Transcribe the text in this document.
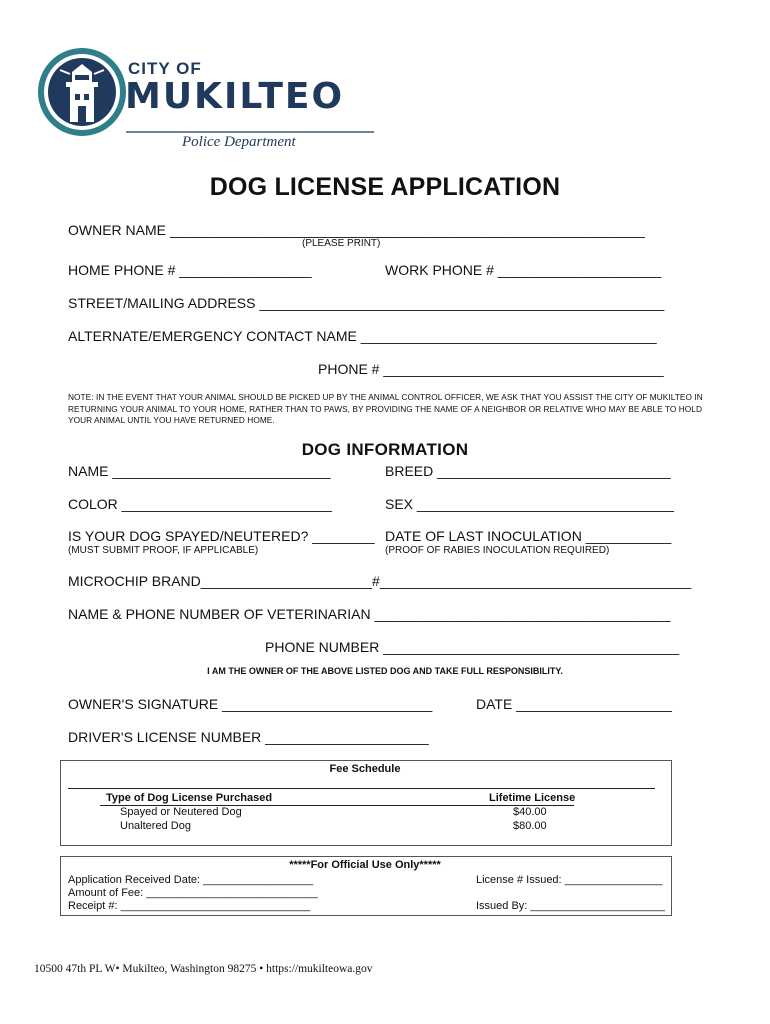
CITY OF
MUKILTEO
Police Department
DOG LICENSE APPLICATION
OWNER NAME _____________________________________________________________
(PLEASE PRINT)
HOME PHONE # _________________	WORK PHONE # _____________________
STREET/MAILING ADDRESS ____________________________________________________
ALTERNATE/EMERGENCY CONTACT NAME ______________________________________
PHONE # ____________________________________
NOTE: IN THE EVENT THAT YOUR ANIMAL SHOULD BE PICKED UP BY THE ANIMAL CONTROL OFFICER, WE ASK THAT YOU ASSIST THE CITY OF MUKILTEO IN RETURNING YOUR ANIMAL TO YOUR HOME, RATHER THAN TO PAWS, BY PROVIDING THE NAME OF A NEIGHBOR OR RELATIVE WHO MAY BE ABLE TO HOLD YOUR ANIMAL UNTIL YOU HAVE RETURNED HOME.
DOG INFORMATION
NAME ____________________________	BREED ______________________________
COLOR ___________________________	SEX _________________________________
IS YOUR DOG SPAYED/NEUTERED? ________
(MUST SUBMIT PROOF, IF APPLICABLE)
DATE OF LAST INOCULATION ___________
(PROOF OF RABIES INOCULATION REQUIRED)
MICROCHIP BRAND______________________#________________________________________
NAME & PHONE NUMBER OF VETERINARIAN ______________________________________
PHONE NUMBER ______________________________________
I AM THE OWNER OF THE ABOVE LISTED DOG AND TAKE FULL RESPONSIBILITY.
OWNER'S SIGNATURE ___________________________	DATE ____________________
DRIVER'S LICENSE NUMBER _____________________
Fee Schedule
Type of Dog License Purchased	Lifetime License
Spayed or Neutered Dog	$40.00
Unaltered Dog	$80.00
*****For Official Use Only*****
Application Received Date: __________________
Amount of Fee: ____________________________
Receipt #: _______________________________
License # Issued: ________________
Issued By: ______________________
10500 47th PL W• Mukilteo, Washington 98275 • https://mukilteowa.gov
